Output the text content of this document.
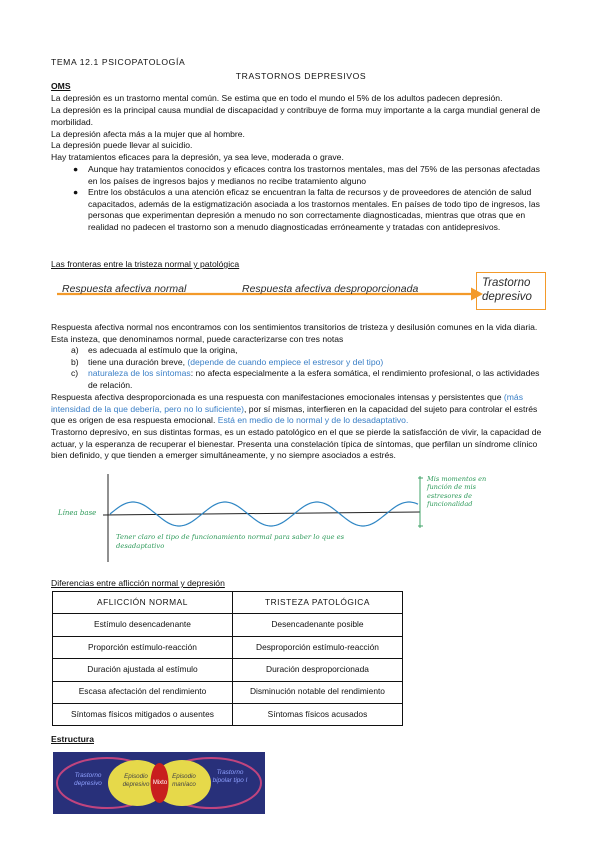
TEMA 12.1 PSICOPATOLOGÍA
TRASTORNOS DEPRESIVOS
OMS

La depresión es un trastorno mental común. Se estima que en todo el mundo el 5% de los adultos padecen depresión.

La depresión es la principal causa mundial de discapacidad y contribuye de forma muy importante a la carga mundial general de morbilidad.

La depresión afecta más a la mujer que al hombre.

La depresión puede llevar al suicidio.

Hay tratamientos eficaces para la depresión, ya sea leve, moderada o grave.

● Aunque hay tratamientos conocidos y eficaces contra los trastornos mentales, mas del 75% de las personas afectadas en los países de ingresos bajos y medianos no recibe tratamiento alguno
● Entre los obstáculos a una atención eficaz se encuentran la falta de recursos y de proveedores de atención de salud capacitados, además de la estigmatización asociada a los trastornos mentales. En países de todo tipo de ingresos, las personas que experimentan depresión a menudo no son correctamente diagnosticadas, mientras que otras que en realidad no padecen el trastorno son a menudo diagnosticadas erróneamente y tratadas con antidepresivos.
Las fronteras entre la tristeza normal y patológica
Respuesta afectiva normal	Respuesta afectiva desproporcionada	Trastorno depresivo

Respuesta afectiva normal nos encontramos con los sentimientos transitorios de tristeza y desilusión comunes en la vida diaria. Esta insteza, que denominamos normal, puede caracterizarse con tres notas

a) es adecuada al estímulo que la origina,
b) tiene una duración breve, (depende de cuando empiece el estresor y del tipo)
c) naturaleza de los síntomas: no afecta especialmente a la esfera somática, el rendimiento profesional, o las actividades de relación.

Respuesta afectiva desproporcionada es una respuesta con manifestaciones emocionales intensas y persistentes que (más intensidad de la que debería, pero no lo suficiente), por sí mismas, interfieren en la capacidad del sujeto para controlar el estrés que es origen de esa respuesta emocional. Está en medio de lo normal y de lo desadaptativo.

Trastorno depresivo, en sus distintas formas, es un estado patológico en el que se pierde la satisfacción de vivir, la capacidad de actuar, y la esperanza de recuperar el bienestar. Presenta una constelación típica de síntomas, que perfilan un síndrome clínico bien definido, y que tienden a emerger simultáneamente, y no siempre asociados a estrés.

Línea base
Mis momentos en función de mis estresores de funcionalidad
Tener claro el tipo de funcionamiento normal para saber lo que es desadaptativo
Diferencias entre aflicción normal y depresión
AFLICCIÓN NORMAL	TRISTEZA PATOLÓGICA
Estímulo desencadenante	Desencadenante posible
Proporción estímulo-reacción	Desproporción estímulo-reacción
Duración ajustada al estímulo	Duración desproporcionada
Escasa afectación del rendimiento	Disminución notable del rendimiento
Síntomas físicos mitigados o ausentes	Síntomas físicos acusados
Estructura
Trastorno depresivo
Episodio depresivo Mixto
Episodio maníaco
Trastorno bipolar tipo I
